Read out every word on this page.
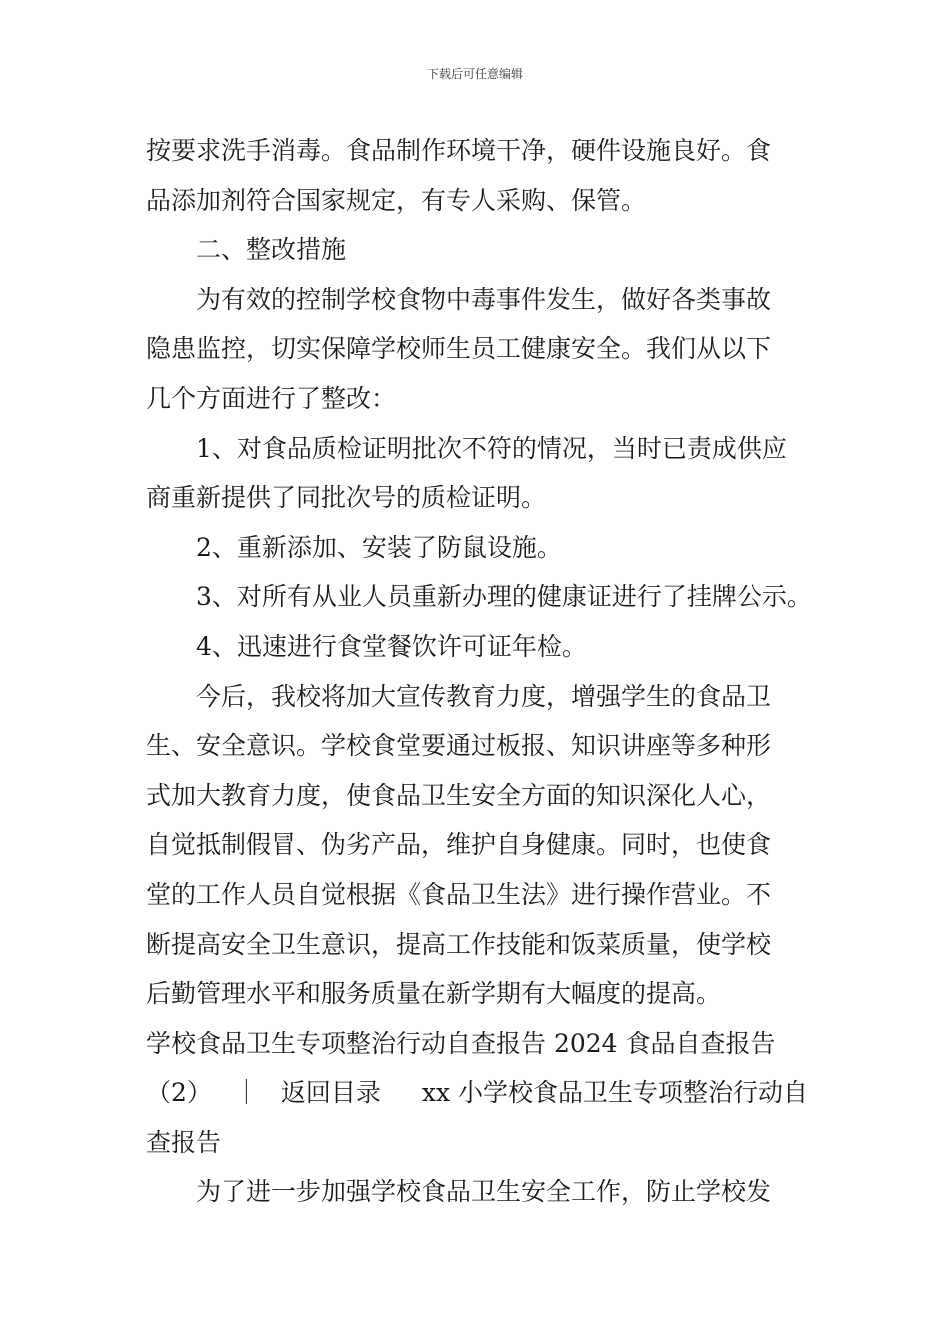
下载后可任意编辑
按要求洗手消毒。食品制作环境干净，硬件设施良好。食
品添加剂符合国家规定，有专人采购、保管。
二、整改措施
为有效的控制学校食物中毒事件发生，做好各类事故
隐患监控，切实保障学校师生员工健康安全。我们从以下
几个方面进行了整改：
1、对食品质检证明批次不符的情况，当时已责成供应
商重新提供了同批次号的质检证明。
2、重新添加、安装了防鼠设施。
3、对所有从业人员重新办理的健康证进行了挂牌公示。
4、迅速进行食堂餐饮许可证年检。
今后，我校将加大宣传教育力度，增强学生的食品卫
生、安全意识。学校食堂要通过板报、知识讲座等多种形
式加大教育力度，使食品卫生安全方面的知识深化人心，
自觉抵制假冒、伪劣产品，维护自身健康。同时，也使食
堂的工作人员自觉根据《食品卫生法》进行操作营业。不
断提高安全卫生意识，提高工作技能和饭菜质量，使学校
后勤管理水平和服务质量在新学期有大幅度的提高。
学校食品卫生专项整治行动自查报告 2024 食品自查报告
（2） ｜ 返回目录 xx 小学校食品卫生专项整治行动自
查报告
为了进一步加强学校食品卫生安全工作，防止学校发
